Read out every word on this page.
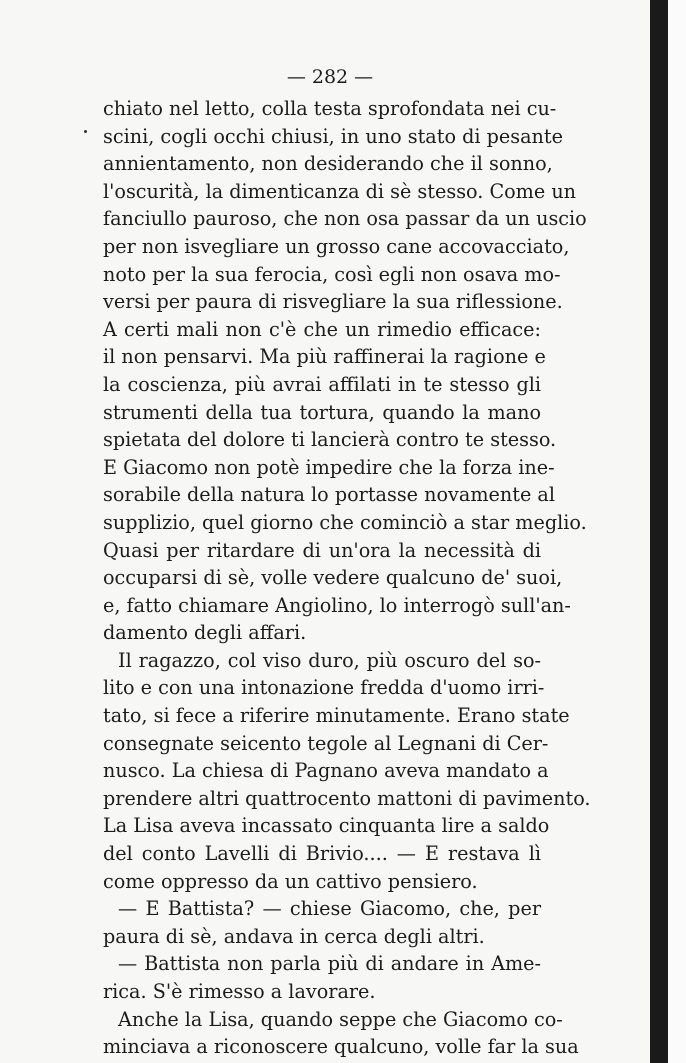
— 282 —
chiato nel letto, colla testa sprofondata nei cu-
scini, cogli occhi chiusi, in uno stato di pesante
annientamento, non desiderando che il sonno,
l'oscurità, la dimenticanza di sè stesso. Come un
fanciullo pauroso, che non osa passar da un uscio
per non isvegliare un grosso cane accovacciato,
noto per la sua ferocia, così egli non osava mo-
versi per paura di risvegliare la sua riflessione.
A certi mali non c'è che un rimedio efficace:
il non pensarvi. Ma più raffinerai la ragione e
la coscienza, più avrai affilati in te stesso gli
strumenti della tua tortura, quando la mano
spietata del dolore ti lancierà contro te stesso.
E Giacomo non potè impedire che la forza ine-
sorabile della natura lo portasse novamente al
supplizio, quel giorno che cominciò a star meglio.
Quasi per ritardare di un'ora la necessità di
occuparsi di sè, volle vedere qualcuno de' suoi,
e, fatto chiamare Angiolino, lo interrogò sull'an-
damento degli affari.
Il ragazzo, col viso duro, più oscuro del so-
lito e con una intonazione fredda d'uomo irri-
tato, si fece a riferire minutamente. Erano state
consegnate seicento tegole al Legnani di Cer-
nusco. La chiesa di Pagnano aveva mandato a
prendere altri quattrocento mattoni di pavimento.
La Lisa aveva incassato cinquanta lire a saldo
del conto Lavelli di Brivio.... — E restava lì
come oppresso da un cattivo pensiero.
— E Battista? — chiese Giacomo, che, per
paura di sè, andava in cerca degli altri.
— Battista non parla più di andare in Ame-
rica. S'è rimesso a lavorare.
Anche la Lisa, quando seppe che Giacomo co-
minciava a riconoscere qualcuno, volle far la sua
